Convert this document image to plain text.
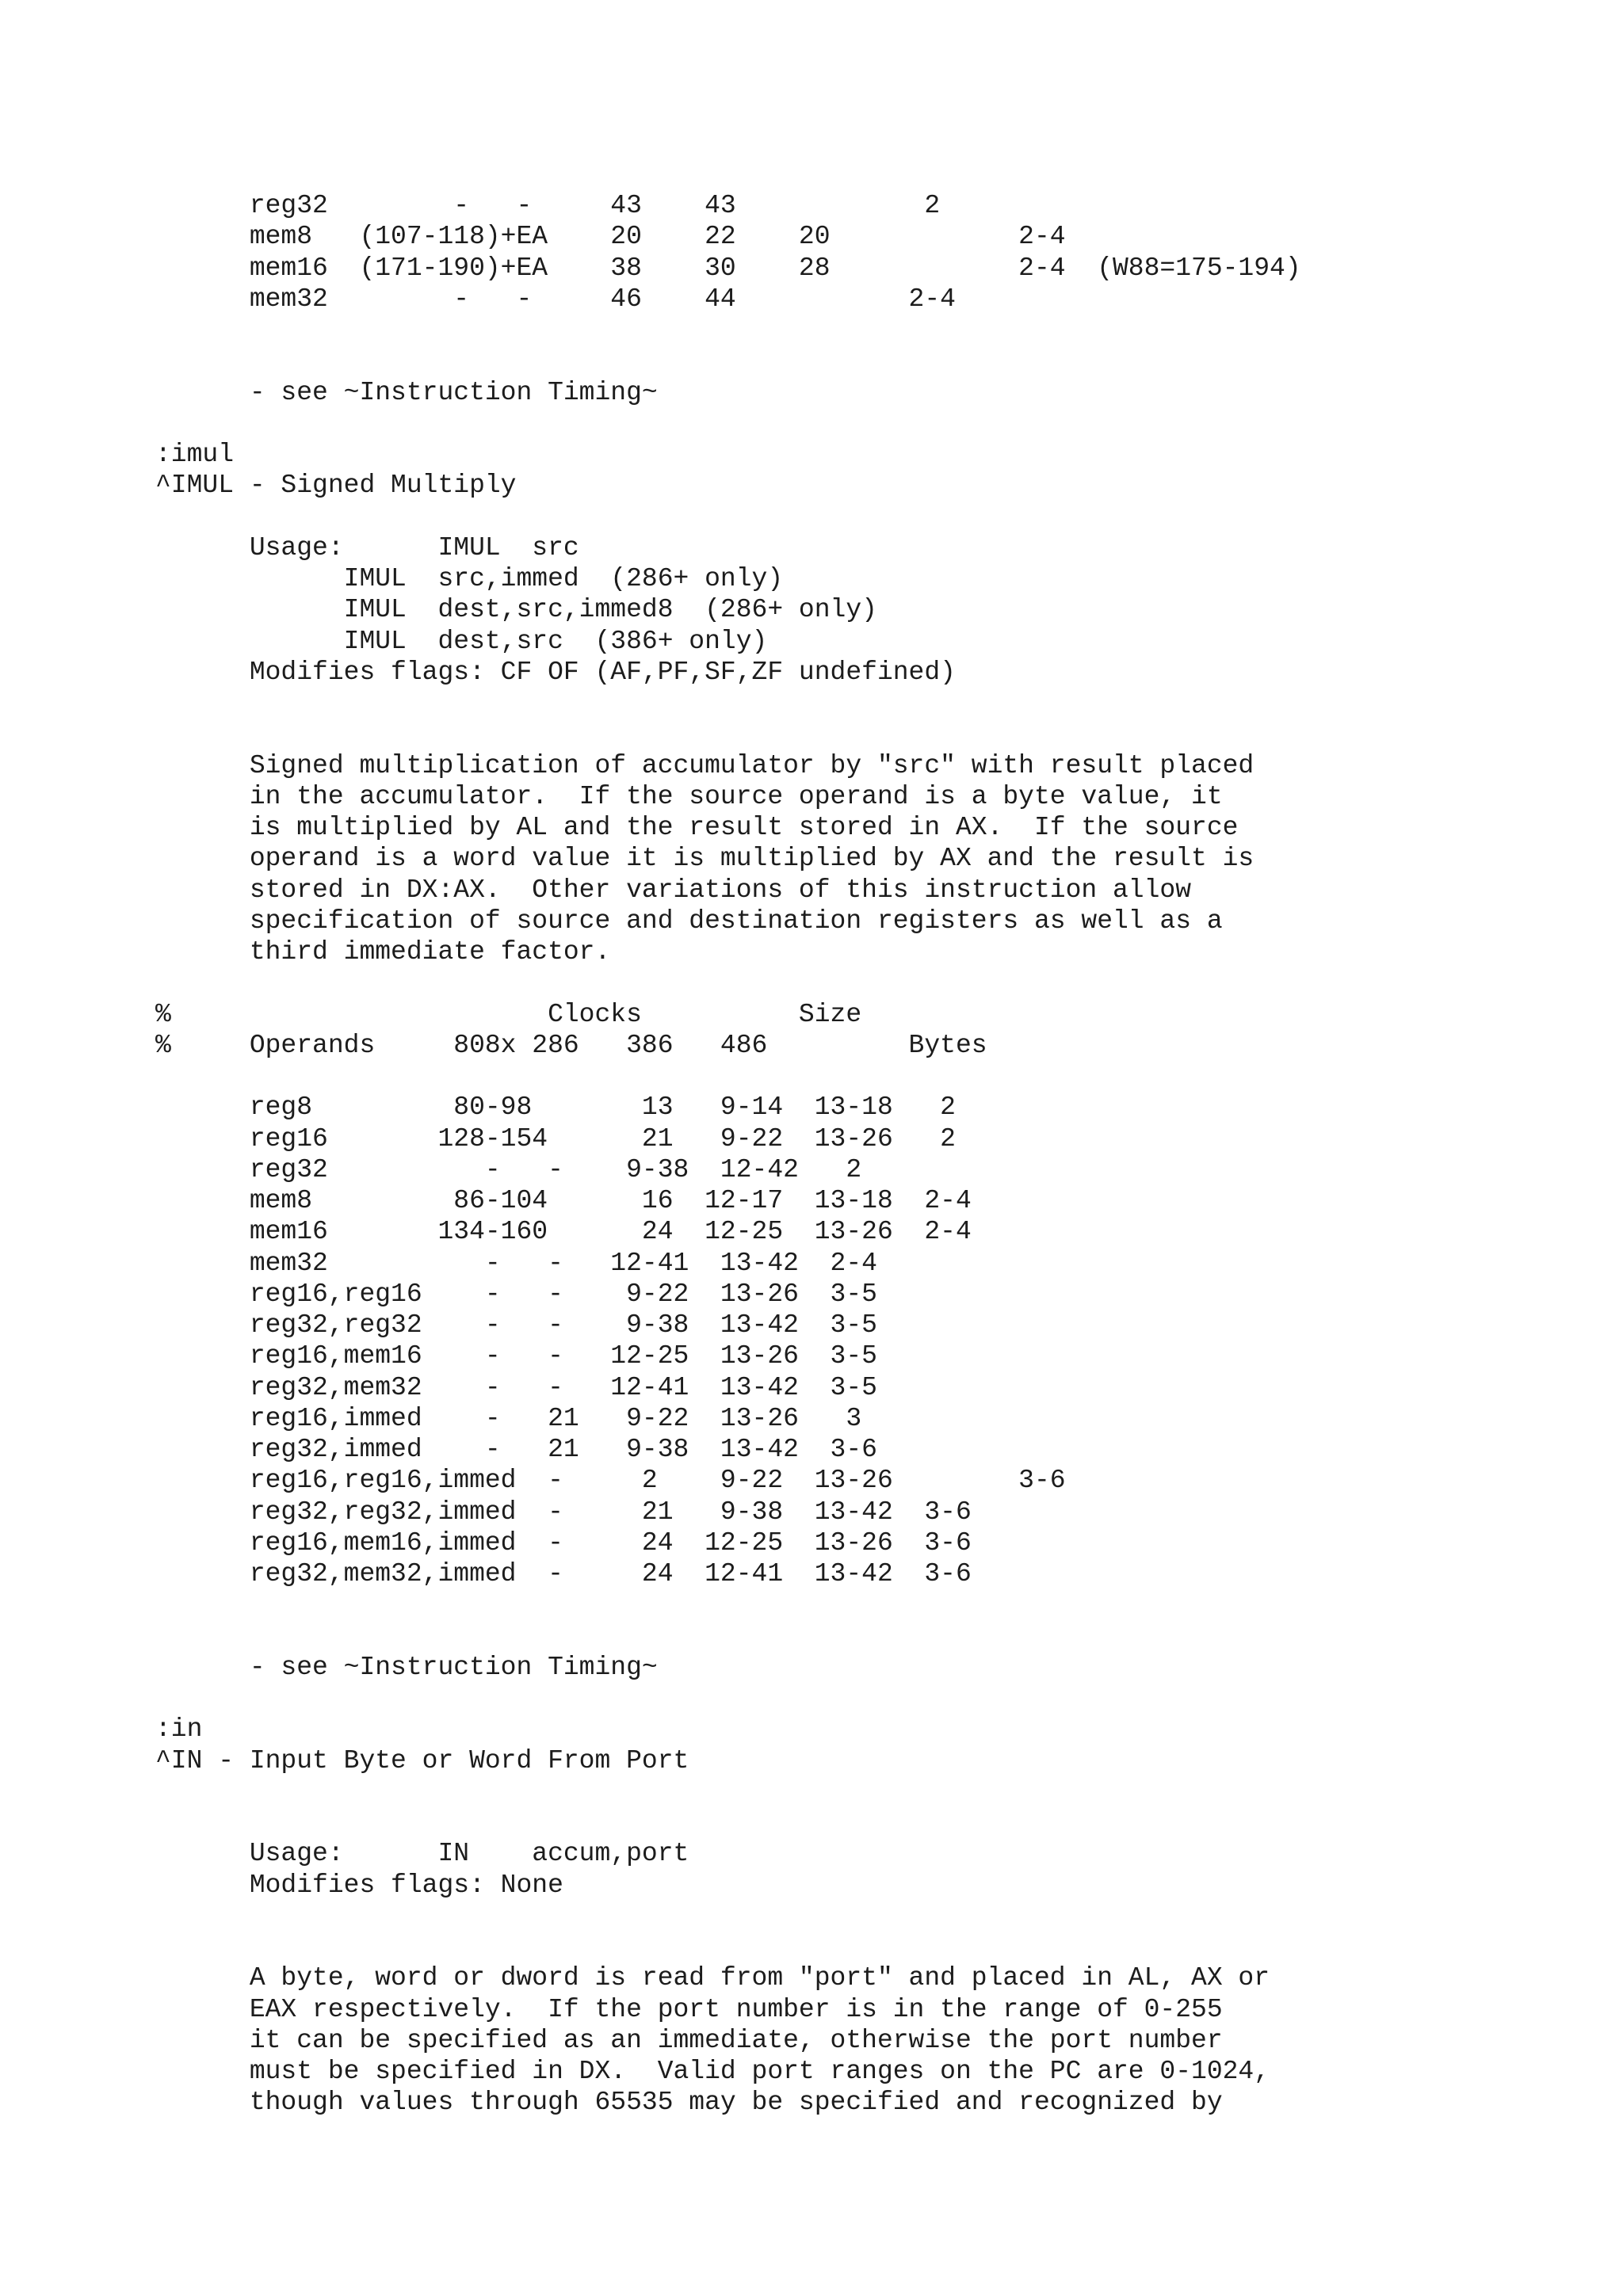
reg32        -   -     43    43            2
mem8   (107-118)+EA    20    22    20            2-4
mem16  (171-190)+EA    38    30    28            2-4  (W88=175-194)
mem32        -   -     46    44           2-4
- see ~Instruction Timing~
:imul
^IMUL - Signed Multiply
Usage:      IMUL  src
IMUL  src,immed  (286+ only)
IMUL  dest,src,immed8  (286+ only)
IMUL  dest,src  (386+ only)
Modifies flags: CF OF (AF,PF,SF,ZF undefined)
Signed multiplication of accumulator by "src" with result placed
in the accumulator.  If the source operand is a byte value, it
is multiplied by AL and the result stored in AX.  If the source
operand is a word value it is multiplied by AX and the result is
stored in DX:AX.  Other variations of this instruction allow
specification of source and destination registers as well as a
third immediate factor.
%                        Clocks          Size
%     Operands     808x 286   386   486         Bytes
reg8         80-98       13   9-14  13-18   2
reg16       128-154      21   9-22  13-26   2
reg32          -   -    9-38  12-42   2
mem8         86-104      16  12-17  13-18  2-4
mem16       134-160      24  12-25  13-26  2-4
mem32          -   -   12-41  13-42  2-4
reg16,reg16    -   -    9-22  13-26  3-5
reg32,reg32    -   -    9-38  13-42  3-5
reg16,mem16    -   -   12-25  13-26  3-5
reg32,mem32    -   -   12-41  13-42  3-5
reg16,immed    -   21   9-22  13-26   3
reg32,immed    -   21   9-38  13-42  3-6
reg16,reg16,immed  -     2    9-22  13-26        3-6
reg32,reg32,immed  -     21   9-38  13-42  3-6
reg16,mem16,immed  -     24  12-25  13-26  3-6
reg32,mem32,immed  -     24  12-41  13-42  3-6
- see ~Instruction Timing~
:in
^IN - Input Byte or Word From Port
Usage:      IN    accum,port
Modifies flags: None
A byte, word or dword is read from "port" and placed in AL, AX or
EAX respectively.  If the port number is in the range of 0-255
it can be specified as an immediate, otherwise the port number
must be specified in DX.  Valid port ranges on the PC are 0-1024,
though values through 65535 may be specified and recognized by
